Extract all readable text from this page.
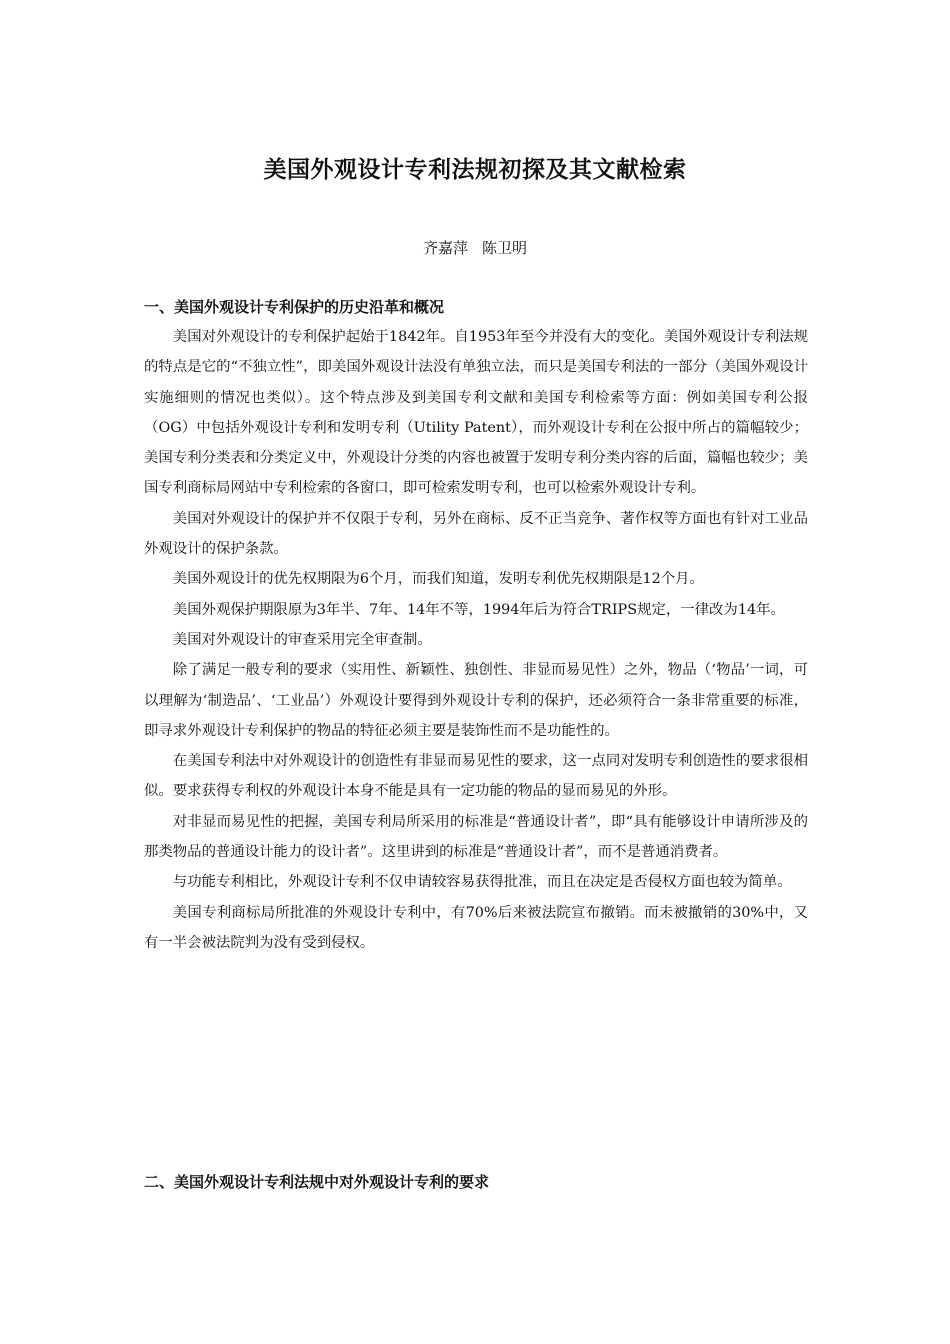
美国外观设计专利法规初探及其文献检索
齐嘉萍 陈卫明

一、美国外观设计专利保护的历史沿革和概况

美国对外观设计的专利保护起始于1842年。自1953年至今并没有大的变化。美国外观设计专利法规的特点是它的“不独立性”，即美国外观设计法没有单独立法，而只是美国专利法的一部分（美国外观设计实施细则的情况也类似）。这个特点涉及到美国专利文献和美国专利检索等方面：例如美国专利公报（OG）中包括外观设计专利和发明专利（Utility Patent），而外观设计专利在公报中所占的篇幅较少；美国专利分类表和分类定义中，外观设计分类的内容也被置于发明专利分类内容的后面，篇幅也较少；美国专利商标局网站中专利检索的各窗口，即可检索发明专利，也可以检索外观设计专利。

美国对外观设计的保护并不仅限于专利，另外在商标、反不正当竞争、著作权等方面也有针对工业品外观设计的保护条款。

美国外观设计的优先权期限为6个月，而我们知道，发明专利优先权期限是12个月。

美国外观保护期限原为3年半、7年、14年不等，1994年后为符合TRIPS规定，一律改为14年。

美国对外观设计的审查采用完全审查制。

除了满足一般专利的要求（实用性、新颖性、独创性、非显而易见性）之外，物品（‘物品’一词，可以理解为‘制造品’、‘工业品’）外观设计要得到外观设计专利的保护，还必须符合一条非常重要的标准，即寻求外观设计专利保护的物品的特征必须主要是装饰性而不是功能性的。

在美国专利法中对外观设计的创造性有非显而易见性的要求，这一点同对发明专利创造性的要求很相似。要求获得专利权的外观设计本身不能是具有一定功能的物品的显而易见的外形。

对非显而易见性的把握，美国专利局所采用的标准是“普通设计者”，即“具有能够设计申请所涉及的那类物品的普通设计能力的设计者”。这里讲到的标准是“普通设计者”，而不是普通消费者。

与功能专利相比，外观设计专利不仅申请较容易获得批准，而且在决定是否侵权方面也较为简单。

美国专利商标局所批准的外观设计专利中，有70%后来被法院宣布撤销。而未被撤销的30%中，又有一半会被法院判为没有受到侵权。

二、美国外观设计专利法规中对外观设计专利的要求
